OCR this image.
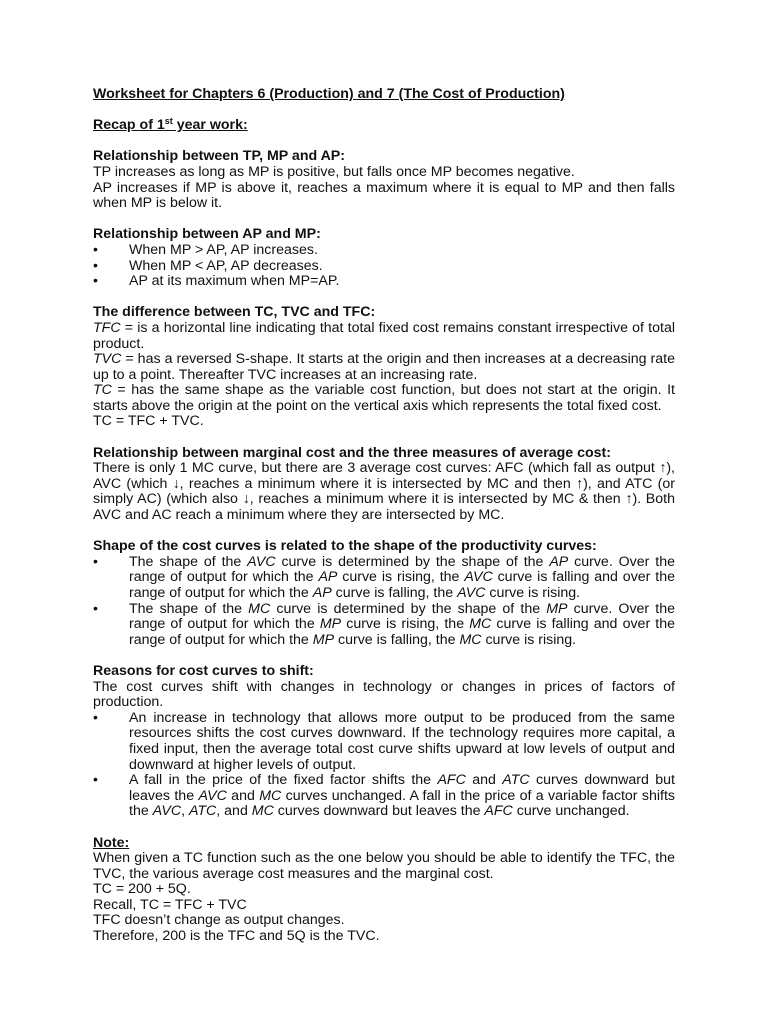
Worksheet for Chapters 6 (Production) and 7 (The Cost of Production)

Recap of 1st year work:

Relationship between TP, MP and AP:

TP increases as long as MP is positive, but falls once MP becomes negative.

AP increases if MP is above it, reaches a maximum where it is equal to MP and then falls when MP is below it.

Relationship between AP and MP:

• When MP > AP, AP increases.
• When MP < AP, AP decreases.
• AP at its maximum when MP=AP.

The difference between TC, TVC and TFC:

TFC = is a horizontal line indicating that total fixed cost remains constant irrespective of total product.

TVC = has a reversed S-shape. It starts at the origin and then increases at a decreasing rate up to a point. Thereafter TVC increases at an increasing rate.

TC = has the same shape as the variable cost function, but does not start at the origin. It starts above the origin at the point on the vertical axis which represents the total fixed cost.

TC = TFC + TVC.

Relationship between marginal cost and the three measures of average cost:

There is only 1 MC curve, but there are 3 average cost curves: AFC (which fall as output ↑), AVC (which ↓, reaches a minimum where it is intersected by MC and then ↑), and ATC (or simply AC) (which also ↓, reaches a minimum where it is intersected by MC & then ↑). Both AVC and AC reach a minimum where they are intersected by MC.

Shape of the cost curves is related to the shape of the productivity curves:

• The shape of the AVC curve is determined by the shape of the AP curve. Over the range of output for which the AP curve is rising, the AVC curve is falling and over the range of output for which the AP curve is falling, the AVC curve is rising.
• The shape of the MC curve is determined by the shape of the MP curve. Over the range of output for which the MP curve is rising, the MC curve is falling and over the range of output for which the MP curve is falling, the MC curve is rising.

Reasons for cost curves to shift:

The cost curves shift with changes in technology or changes in prices of factors of production.

• An increase in technology that allows more output to be produced from the same resources shifts the cost curves downward. If the technology requires more capital, a fixed input, then the average total cost curve shifts upward at low levels of output and downward at higher levels of output.
• A fall in the price of the fixed factor shifts the AFC and ATC curves downward but leaves the AVC and MC curves unchanged. A fall in the price of a variable factor shifts the AVC, ATC, and MC curves downward but leaves the AFC curve unchanged.

Note:

When given a TC function such as the one below you should be able to identify the TFC, the TVC, the various average cost measures and the marginal cost.

TC = 200 + 5Q.

Recall, TC = TFC + TVC

TFC doesn’t change as output changes.

Therefore, 200 is the TFC and 5Q is the TVC.
